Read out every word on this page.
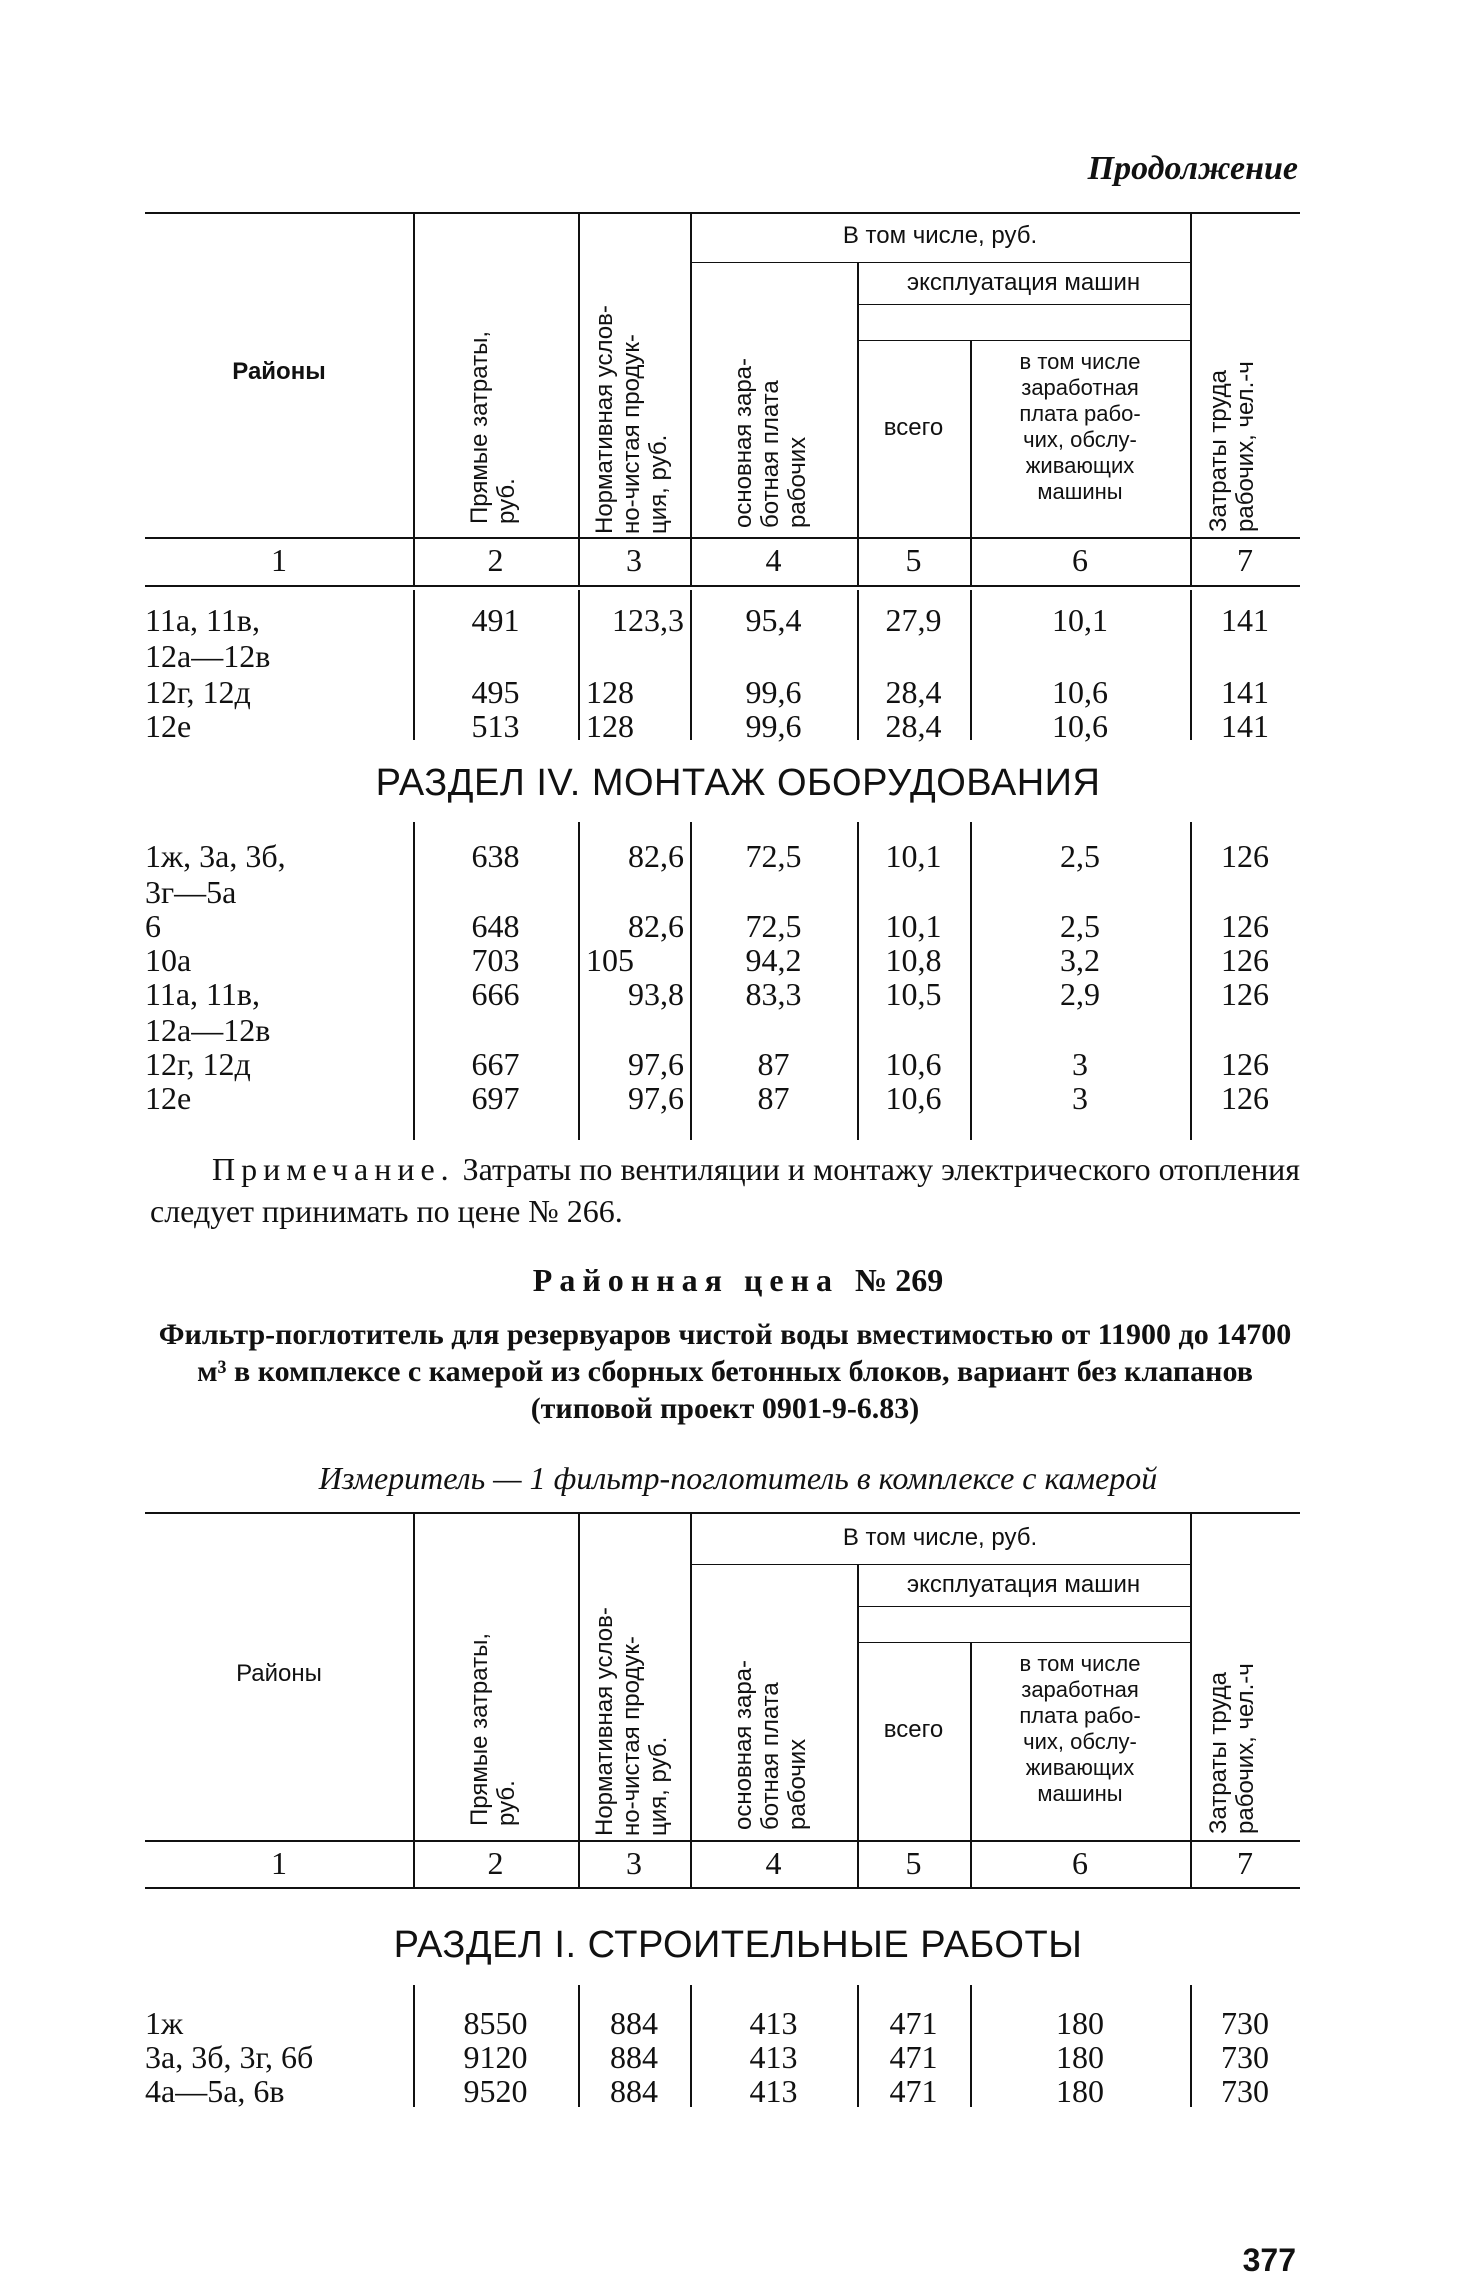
Продолжение
Районы
Прямые затраты,
руб.	Нормативная услов-
но-чистая продук-
ция, руб.
В том числе, руб.
основная зара-
ботная плата
рабочих
эксплуатация машин
всего
в том числе
заработная
плата рабо-
чих, обслу-
живающих
машины	Затраты труда
рабочих, чел.-ч
1	2	3	4	5	6	7
11а, 11в,
12а—12в
491	123,3	95,4	27,9	10,1	141
12г, 12д	495	128	99,6	28,4	10,6	141
12е	513	128	99,6	28,4	10,6	141
РАЗДЕЛ IV. МОНТАЖ ОБОРУДОВАНИЯ
1ж, 3а, 3б,
3г—5а
638	82,6	72,5	10,1	2,5	126
6	648	82,6	72,5	10,1	2,5	126
10а	703	105	94,2	10,8	3,2	126
11а, 11в,
12а—12в
666	93,8	83,3	10,5	2,9	126
12г, 12д	667	97,6	87	10,6	3	126
12е	697	97,6	87	10,6	3	126
Примечание. Затраты по вентиляции и монтажу электрического отопления следует принимать по цене № 266.
Районная цена № 269
Фильтр-поглотитель для резервуаров чистой воды вместимостью от 11900 до 14700 м³ в комплексе с камерой из сборных бетонных блоков, вариант без клапанов
(типовой проект 0901-9-6.83)
Измеритель — 1 фильтр-поглотитель в комплексе с камерой
Районы
Прямые затраты,
руб.	Нормативная услов-
но-чистая продук-
ция, руб.
В том числе, руб.
основная зара-
ботная плата
рабочих
эксплуатация машин
всего
в том числе
заработная
плата рабо-
чих, обслу-
живающих
машины	Затраты труда
рабочих, чел.-ч
1	2	3	4	5	6	7
РАЗДЕЛ I. СТРОИТЕЛЬНЫЕ РАБОТЫ
1ж	8550	884	413	471	180	730
3а, 3б, 3г, 6б	9120	884	413	471	180	730
4а—5а, 6в	9520	884	413	471	180	730
377
